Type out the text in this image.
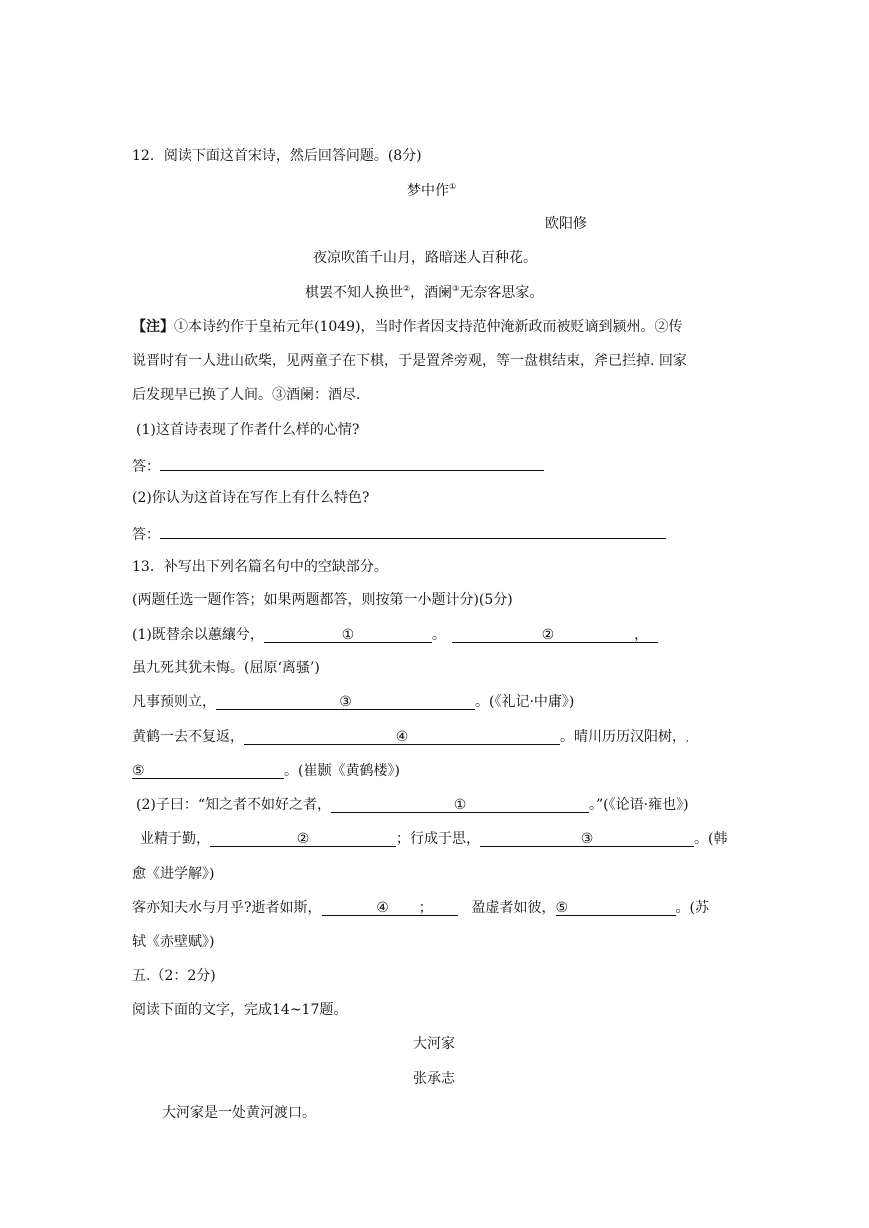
12．阅读下面这首宋诗，然后回答问题。(8分)
梦中作①
欧阳修
夜凉吹笛千山月，路暗迷人百种花。
棋罢不知人换世②，酒阑③无奈客思家。
【注】①本诗约作于皇祐元年(1049)，当时作者因支持范仲淹新政而被贬谪到颍州。②传
说晋时有一人进山砍柴，见两童子在下棋，于是置斧旁观，等一盘棋结束，斧已拦掉. 回家
后发现早已换了人间。③酒阑：酒尽.
(1)这首诗表现了作者什么样的心情?
答：
(2)你认为这首诗在写作上有什么特色?
答：
13．补写出下列名篇名句中的空缺部分。
(两题任选一题作答；如果两题都答，则按第一小题计分)(5分)
(1)既替余以蕙纕兮，	①	。	②	，
虽九死其犹未悔。(屈原‘离骚’)
凡事预则立，	③	。(《礼记·中庸》)
黄鹤一去不复返，	④	。晴川历历汉阳树，,
⑤	。(崔颢《黄鹤楼》)
(2)子曰：“知之者不如好之者，	①	。”(《论语·雍也》)
业精于勤，	②	；行成于思，	③	。(韩
愈《进学解》)
客亦知夫水与月乎?逝者如斯，	④ ；	盈虚者如彼，⑤	。(苏
轼《赤壁赋》)
五.（2：2分)
阅读下面的文字，完成14~17题。
大河家
张承志
大河家是一处黄河渡口。
